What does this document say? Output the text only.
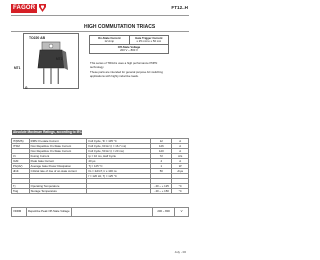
FAGOR	FT12..H
HIGH COMMUTATION TRIACS
TO220 AB
MT2
MT1
G
On-State Current
12 Amp
Gate Trigger Current
≤ 25 mA to ≤ 50 mA
Off-State Voltage
200 V ~ 800 V

This series of TRIACs uses a high performance PNPN technology.

These parts are intended for general purpose AC switching applications with highly inductive loads.

Absolute Maximum Ratings, according to IEC publication No. 134
IT(RMS)	RMS On-state Current	Full Cycle, Tc = 105 °C	12	A
ITSM	Non Repetitive On-State Current	Full Cycle, 60 Hz (t = 16.7 ms)	126	A
	Non Repetitive On-State Current	Full Cycle, 50 Hz (t = 20 ms)	120	A
I²t	Fusing Current	tp = 10 ms, Half Cycle	72	A²s
IGM	Peak Gate Current	20 µs	4	A
PG(AV)	Average Gate Power Dissipation	Tj = 125 °C	1	W
dI/dt	Critical rate of rise of on-state current	IG = 2xIGT, tr ≤ 100 ns	50	A/µs
		f = 120 Hz, Tj = 125 °C		

Tj	Operating Temperature		- 40 ~ + 125	°C
Tstg	Storage Temperature		- 40 ~ + 150	°C
VDRM	Repetitive Peak Off-State Voltage		200 ~ 800	V
July - 00
